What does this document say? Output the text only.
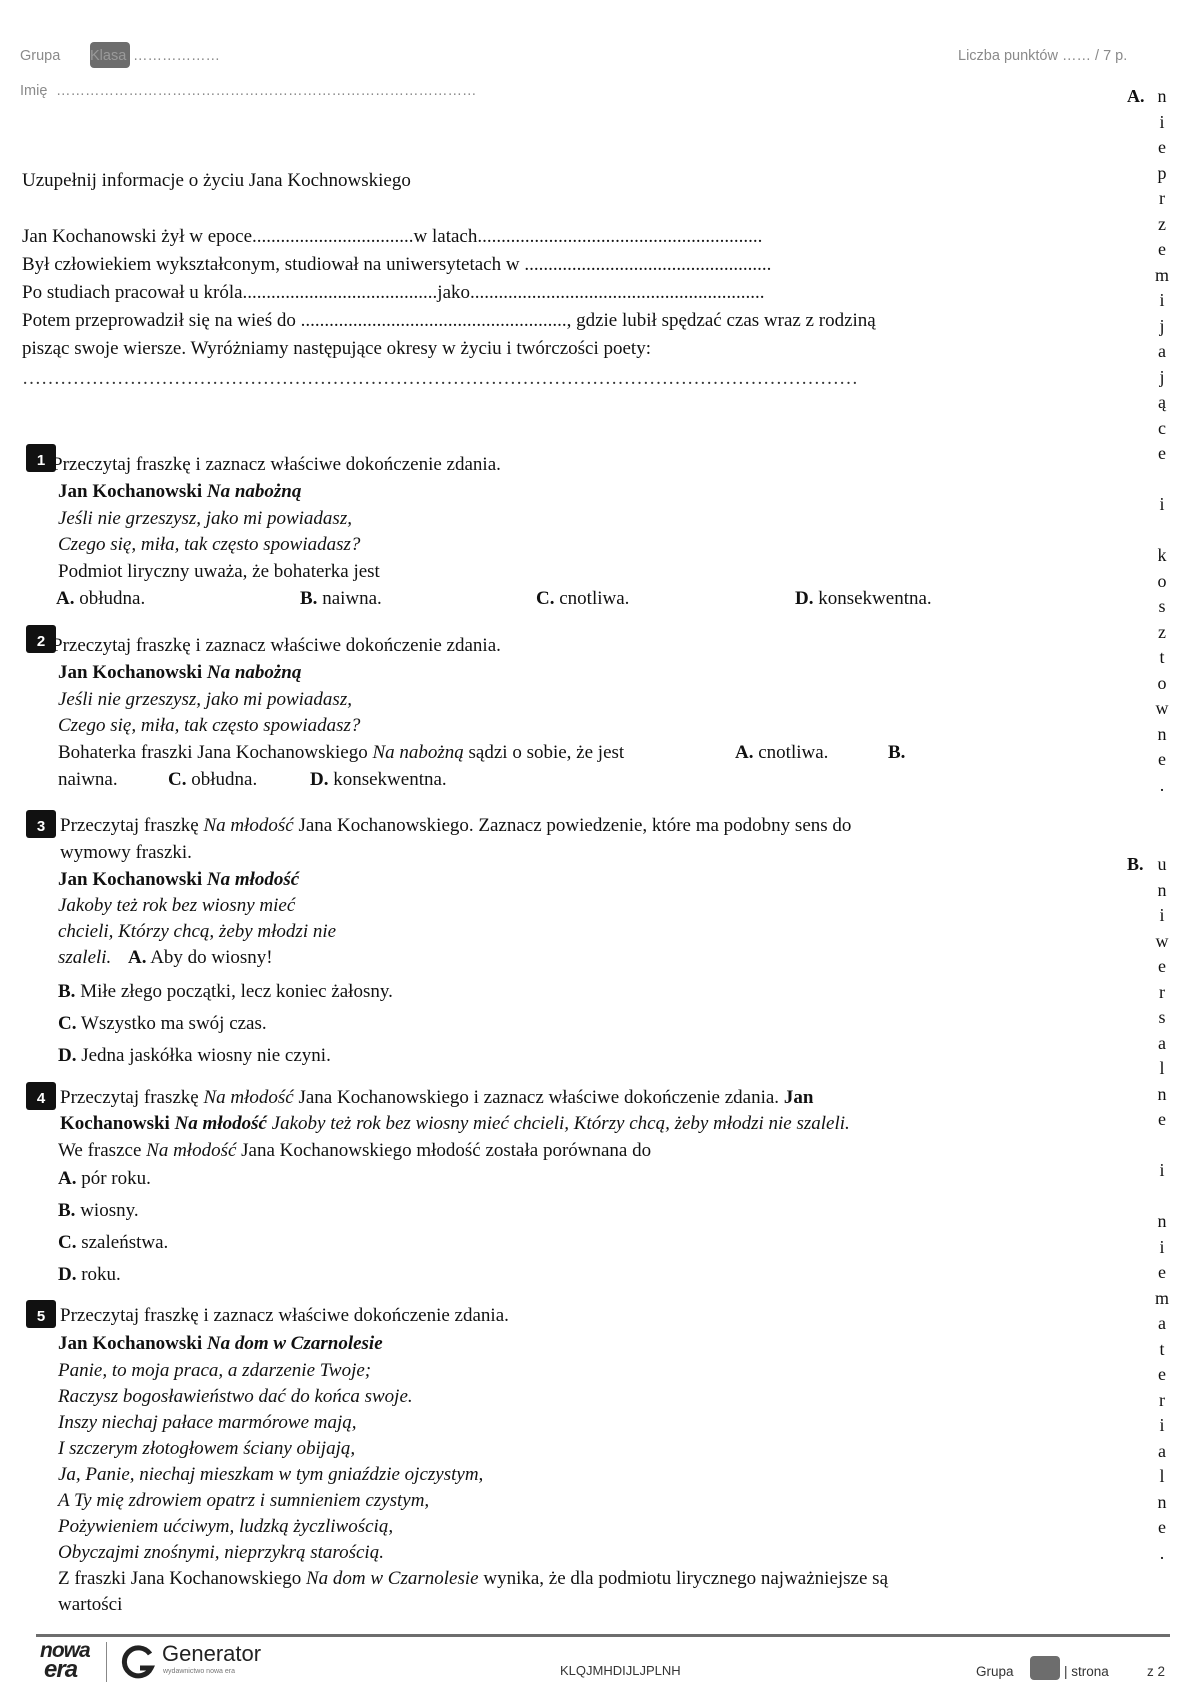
Grupa Klasa ………………	Liczba punktów …… / 7 p.
Imię ……………………………………………………………………………	A. n
i
e
p
r
z
e
m
i
j
a
j
ą
c
e
i
k
o
s
z
t
o
w
n
e
.
B. u
n
i
w
e
r
s
a
l
n
e
i
n
i
e
m
a
t
e
r
i
a
l
n
e
.
Uzupełnij informacje o życiu Jana Kochnowskiego
Jan Kochanowski żył w epoce..................................w latach............................................................
Był człowiekiem wykształconym, studiował na uniwersytetach w ....................................................
Po studiach pracował u króla.........................................jako..............................................................
Potem przeprowadził się na wieś do ........................................................, gdzie lubił spędzać czas wraz z rodziną
pisząc swoje wiersze. Wyróżniamy następujące okresy w życiu i twórczości poety:
……………………………………………………………………………………………………………………
1 Przeczytaj fraszkę i zaznacz właściwe dokończenie zdania.
Jan Kochanowski Na nabożną
Jeśli nie grzeszysz, jako mi powiadasz,
Czego się, miła, tak często spowiadasz?
Podmiot liryczny uważa, że bohaterka jest
A. obłudna.	B. naiwna.	C. cnotliwa.	D. konsekwentna.
2 Przeczytaj fraszkę i zaznacz właściwe dokończenie zdania.
Jan Kochanowski Na nabożną
Jeśli nie grzeszysz, jako mi powiadasz,
Czego się, miła, tak często spowiadasz?
Bohaterka fraszki Jana Kochanowskiego Na nabożną sądzi o sobie, że jest	A. cnotliwa.	B.
naiwna.	C. obłudna.	D. konsekwentna.
3 Przeczytaj fraszkę Na młodość Jana Kochanowskiego. Zaznacz powiedzenie, które ma podobny sens do
wymowy fraszki.
Jan Kochanowski Na młodość
Jakoby też rok bez wiosny mieć
chcieli, Którzy chcą, żeby młodzi nie
szaleli. A. Aby do wiosny!
B. Miłe złego początki, lecz koniec żałosny.
C. Wszystko ma swój czas.
D. Jedna jaskółka wiosny nie czyni.
4 Przeczytaj fraszkę Na młodość Jana Kochanowskiego i zaznacz właściwe dokończenie zdania. Jan
Kochanowski Na młodość Jakoby też rok bez wiosny mieć chcieli, Którzy chcą, żeby młodzi nie szaleli.
We fraszce Na młodość Jana Kochanowskiego młodość została porównana do
A. pór roku.
B. wiosny.
C. szaleństwa.
D. roku.
5 Przeczytaj fraszkę i zaznacz właściwe dokończenie zdania.
Jan Kochanowski Na dom w Czarnolesie
Panie, to moja praca, a zdarzenie Twoje;
Raczysz bogosławieństwo dać do końca swoje.
Inszy niechaj pałace marmórowe mają,
I szczerym złotogłowem ściany obijają,
Ja, Panie, niechaj mieszkam w tym gniaździe ojczystym,
A Ty mię zdrowiem opatrz i sumnieniem czystym,
Pożywieniem ućciwym, ludzką życzliwością,
Obyczajmi znośnymi, nieprzykrą starością.
Z fraszki Jana Kochanowskiego Na dom w Czarnolesie wynika, że dla podmiotu lirycznego najważniejsze są
wartości
nowa
era
Generator
wydawnictwo nowa era	KLQJMHDIJLJPLNH	Grupa	| strona	z 2
